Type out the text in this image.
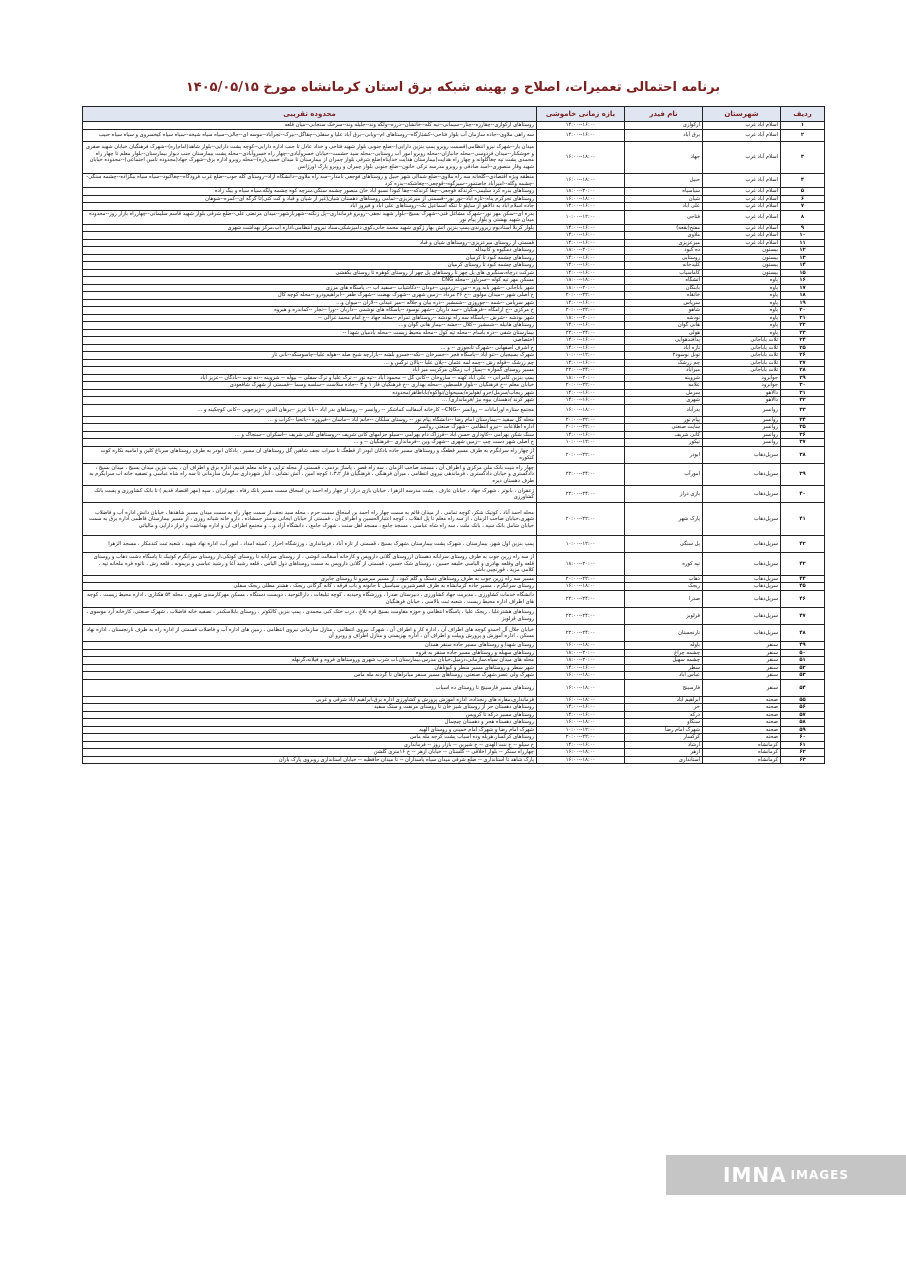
برنامه احتمالی تعمیرات، اصلاح و بهینه شبکه برق استان کرمانشاه مورخ ۱۴۰۵/۰۵/۱۵
ردیف	شهرستان	نام فیدر	بازه زمانی خاموشی	محدوده تقریبی
۱	اسلام آباد غرب	ارکوازی	۱۴:۰۰--۱۶:۰۰	روستاهای ارکوازی--چقارزه--چنار--سیمانی--نیه کله--خانشان--درزه--ولگه وند--جلیله وند--سرخک سنجابی--میان قلعه
۲	اسلام آباد غرب	برق آباد	۱۴:۰۰--۱۶:۰۰	سه راهی ملاوی--جاده سازمان آب بلوار فتاحی--کشتارگاه--روستاهای ام--ویانی--برق آباد علیا و سفلی--چقاگل--بیرک--تجرآباد--موسه ای--جالی--سیاه سیاه شیخه--سیاه سیاه کیخسروی و سیاه سیاه حبیب
۳	اسلام آباد غرب	جهاد	۱۶:۰۰--۱۸:۰۰	میدان یار--شهرک نیرو انتظامی(قسمت روبرو پمپ بنزین دارایی)--ضلع جنوبی بلوار شهید فتاحی و خداد عادل تا جنب اداره دارایی--کوچه پشت دارایی--بلوار شاهد(امام(ره)--شهرک فرهنگیان خیابان شهید صفری و خوشکنار--میدان فردوسی--محله جانبازان--محله روبرو امور آب روستایی--محله سید حشمت--خیابان خسروآبادی--چهار راه خسروآبادی--محله پشت بیمارستان جنب دیوار بیمارستان--بلوار معلم تا چهار راه محمدی پشت تپه چغاگلوانه و چهار راه هدایت(بیمارستان هدایت خداپناه)ضلع شرقی بلوار چمران از بیمارستان تا میدان خمینی(ره)--محله روبرو اداره برق--شهرک جهاد(محدوده تامین اجتماعی)--محدوده خیابان شهید وقار منصوری--اسد صادقی و روبرو مدرسه ترکی خاتون--ضلع جنوبی بلوار چمران و روبرو پارک اورژانس
۴	اسلام آباد غرب	حبیل	۱۶:۰۰--۱۸:۰۰	منطقه ویژه اقتصادی--گلخانه سه راه ملاوی--ضلع شمالی شهر حبیل و روستاهای فوجعی نامدار--سه راه ملاوی--دانشگاه آزاد--روستای کله جوب--ضلع غرب فرودگاه--چغاکبود--سیاه سیاه بیگزاده--چشمه سنگی--چشمه وگله--امیرآباد خاصتمور--سیرگوه--قوچعی--چغاشکه--بدره کرد
۵	اسلام آباد غرب	سیاسیاه	۱۸:۰۰--۲۰:۰۰	روستاهای بدره کرد سلیمی--کرندکه فوجعی--چقا کرندکه--چقا کبودا نسبو آباد خان منصور چشمه سنگی،سرچه کوه چشمه ولگه،سیاه سیاه و بیگ زاده
۶	اسلام آباد غرب	شیان	۱۶:۰۰--۱۸:۰۰	روستاهای تجرکرم پناه--تازه اباد--نور نور--قسمتی از میرعزیزی--تمامی روستاهای دهستان شیان(غیر از شیان و قباد و کت کتی)تا گرگه ای--کمره--شوهان
۷	اسلام آباد غرب	علی آباد	۱۴:۰۰--۱۶:۰۰	جاده اسلام اباد به دالاهو از سایلو تا تنگه اسماعیل بک--روستاهای علی اباد و فیروز اباد
۸	اسلام آباد غرب	فتاحی	۱۰:۰۰--۱۲:۰۰	بدره ای--سکن مهر نور--شهرک مشاغل فنی--شهرک بسیج--بلوار شهید نجفی--روبرو فرمانداری--پل زنگنه--شهربازشهر--میدان مرتضی علی--ضلع شرقی بلوار شهید قاسم سلیمانی--چهارراه بازار روز--محدوده میدان شهید بهشتی و بلوار پیام نور
۹	اسلام آباد غرب	مفتح(بقعه)	۱۴:۰۰--۱۶:۰۰	بلوار کربلا استادیوم زیرورندی،پمپ بنزین آتش بهار ژکوی شهید محمد خانی،کوی دامپزشکی،ستاد نیروی انتظامی،اداره آب،مرکز بهداشت شهری
۱۰	اسلام آباد غرب	ملاوی	۱۴:۰۰--۱۶:۰۰	
۱۱	اسلام آباد غرب	میرعزیزی	۱۴:۰۰--۱۶:۰۰	قسمتی از روستای میرعزیزی--روستاهای شیان و قباد
۱۲	بیستون	ده کبود	۱۸:۰۰--۲۰:۰۰	روستاهای دمگیوه و کانیداله
۱۳	بیستون	روستایی	۱۴:۰۰--۱۶:۰۰	روستاهای چشمه کبود تا کرمیان
۱۴	بیستون	کلیدخانه	۱۴:۰۰--۱۶:۰۰	روستاهای چشمه کبود تا روستای کرمیان
۱۵	بیستون	کاماسیاب	۱۴:۰۰--۱۶:۰۰	شرکت درچاه،سنگبری های پل چهر تا روستاهای پل چهر از روستای کوهره تا روستای بکفشی
۱۶	پاوه	آتشگاه	۱۸:۰۰--۱۸:۰۰	مسکن مهر تپه کوله --سرباوز --محله CNG
۱۷	پاوه	بابنگان	۱۸:۰۰--۲۰:۰۰	شهر باباجانی --شهر بابه وره --نین --زردویی --دودان --دکاشیاب --سفید اب --، پاسگاه های مرزی
۱۸	پاوه	خاتقاه	۲۰:۰۰--۲۲:۰۰	خ اصلی شهر --میدان مولوی --خ ۲۶ مرداد --زمین شهری --شهرک نهضت --شهرک ظفر --ابراهیم‌ودرو --محله کوچه کال
۱۹	پاوه	سرپاس	۱۴:۰۰--۱۶:۰۰	شهر سرپاس --شمه --جوروزی --شمشیر --دره بیان و جلاله --میر عبدلی --لاران --میوان و...
۲۰	پاوه	شاهو	۲۰:۰۰--۲۲:۰۰	خ مرکزی --خ آرامگاه --فرهنگیان --سد داریان --شهر نوسود --پاسگاه های نوشمی --داریان --ورا --نجار --کماندره و هیروه
۲۱	پاوه	نودشه	۱۸:۰۰--۲۰:۰۰	شهر نودشه --شرش --پاسگاه سه راه نودشه --روستاهای تمرام --محله جهاد --خ امام محمد غزالی --
۲۲	پاوه	هانی گوان	۱۴:۰۰--۱۶:۰۰	روستاهای هانیله --شمشیر --کلال --جشه --بیماز هانی گوان و...
۲۳	پاوه	هولی	۲۲:۰۰--۲۴:۰۰	بیمارستان شفی --دره باسام --محله تپه کول --محله محیط زیست --محله بادمیان شهدا --
۲۴	ثلاث باباجانی	پدافندهوایی	۱۴:۰۰--۱۶:۰۰	اختصاصی
۲۵	ثلاث باباجانی	تازه آباد	۱۴:۰۰--۱۶:۰۰	خ اشرف اصفهانی --شهرک ثابجوزی -- و ...
۲۶	ثلاث باباجانی	تونل نوسود۲	۱۰:۰۰--۱۲:۰۰	شهرک بسیجیان --تنو اباد --پاسگاه فجر --خسرخان --نکه--خسرو بلشه --بازارچه شیخ صله --هوله علیا--چاسوسگه--بانی تار
۲۷	ثلاث باباجانی	چم زرشک	۱۴:۰۰--۱۶:۰۰	چم زرشک --قوله رش --چمه لمه عثمان --پلان علیا --پالان نرگس و ...
۲۸	ثلاث باباجانی	میرآباد	۲۲:۰۰--۲۴:۰۰	مسیر روستای گمواره --پمپاژ آب زمکان مرکزیت میر آباد
۲۹	جوانرود	شروینه	۱۸:۰۰--۲۰:۰۰	پمپ بنزین کامرانی -- علی اباد کهنه -- سازوخان --کانی گل -- محمود اباد --تپه نور -- ترک علیا و ترک سفلی -- بیوله -- شروینه --ده توت --بادگان --عزیز اباد
۳۰	جوانرود	علامه	۲۰:۰۰--۲۲:۰۰	خیابان معلم --خ فرهنگیان --بلوار فلسطین --محله بهداری --خ فرهنگیان فاز ۱ و ۳ --جاده سلاست --سلسه وسما --قسمتی از شهرک شافعودی
۳۱	دالاهو	سرمل	۱۴:۰۰--۱۶:۰۰	شهر ریجاب/سرمل/حرو /هولیزه/بسیحوان/نواکوه/بابا‌طاهر/محدوده
۳۲	دالاهو	شهری	۱۴:۰۰--۱۶:۰۰	شهر کرند /دهستان بیوه نیژ /فرمانداری/ ...
۳۳	روانسر	بدرآباد	۱۶:۰۰--۱۸:۰۰	مجتمع ستاره اورامانات -- روانسر --CNG-- کارخانه آسفالت کماشکر -- روانسر -- روستاهای بدر اباد --بابا عزیز --برهان الدین --زیرجوبی --کانی کوچکینه و ...
۳۴	روانسر	پیام نور	۲۰:۰۰--۲۲:۰۰	محله گل سفید --بیمارستان امام رضا --دانشگاه پیام نور -- روستای سلکان --خانم آباد --ماسان --فیروزه --باتخیا --کراب و ...
۳۵	روانسر	سایت صنعتی	۲۰:۰۰--۲۲:۰۰	اداره اطلاعات --نیرو انتظامی --شهرک صنعتی روانسر
۳۶	روانسر	کانی شریف	۱۴:۰۰--۱۶:۰۰	سنگ شکن بهرامی --کاوداری حسن اباد --فرزاک دام بهرامی --سیلو جزامهای کانی شریف --روستاهای کانی شریف --آسکران --سنجاک و ...
۳۷	روانسر	نیکور	۱۰:۰۰--۱۲:۰۰	خ اصلی شهر دست چپ --زمین شهری --شهرک وین --فرمانداری --فرهنگیان -- و ...
۳۸	سرپل‌ذهاب	ابوذر	۲۰:۰۰--۲۲:۰۰	از چهار راه سرابگرم به طرف مسیر قطعگ و روستاهای مسیر جاده بادکان ابوذر از قطعگ تا سراب نجف شاهین گل روستاهای ان مسیر ، بادکان ابوذر به طرف روستاهای سرباغ کلین و امامیه تکاره کوت کنکوره
۳۹	سرپل‌ذهاب	امورآب	۲۲:۰۰--۲۴:۰۰	چهار راه بنیت بانک ملی مرکزی و اطراف آن ، مسجد صاحب الزمان ، سه راه قصر ، پاساژ بردمی ، قسمتی از محله تراپی و خانه معلم قدیم، اداره برق و اطراف آن ، پمپ بنزین میدان بسیج ، میدان بسیج ، دادگستری و خیابان دادگستری ، فرماندهی نیروی انتظامی ، میران فرهنگی ، فرهنگیان فاز ۱،۳،۲ کوچه امین ، آتش نشانی ، انبار شهرداری سازمان سازمانی تا سه راه شاه عباسی و تصفیه خانه اب سرابگرم به طرف دهستان دیره
۴۰	سرپل‌ذهاب	بازی دراز	۲۲:۰۰--۲۴:۰۰	زعفران ، بابوتر ، شهرک جهاد ، خیابان عارف ، پشت مدرسه الزهرا ، خیابان بازی دراز، از چهار راه احمد بن اسحاق سمت مسیر بانک رفاه ، مهرایران ، سپه (مهر اقتصاد قدیم ) تا بانک کشاورزی و پست بانک کشاورزی
۴۱	سرپل‌ذهاب	پارک شهر	۲۰:۰۰--۲۲:۰۰	محله احمد آباد ، کوتیک شکر، کوچه تمامی ، از میدان قائم به سمت چهار راه احمد بن اسحاق سمت حرم ، محله سید نجف،از سمت چهار راه به سمت میدان مسیر شاهدها ، خیابان دانش اداره آب و فاضلاب شهری،خیابان صاحب الزمان ، از سه راه معلم تا پل انقلاب ، کوچه اعتبارالحسین و اطراف آن ، قسمتی از خیابان ایخانی بوستر جمشاده ، دارو خانه شبانه روزی ، از مسیر بیمارستان فاطمی اداره برق به سمت خیابان شامل بانک سپه ، بانک ملت ، سه راه شاه عباسی ، مسجد جامع ، مسجد اهل سنت ، شهرک جامع، ، دانشگاه آزاد و... و مجتمع اطراف آن و اداره بهداشت و ابراز دارایی و مالیاتی
۴۲	سرپل‌ذهاب	پل سنگی	۱۰:۰۰--۱۲:۰۰	پمپ بنزین اول شهر، بیمارستان ، شهرک پشت بیمارستان ،شهرک بسیج ، قسمتی از تازه آباد ، فرمانداری ، ورزشگاه احرار ، کمیته امداد ، امور آب، اداره نهاد شهید ، شعبه ثبت کندمکار ، مسجد الزهرا
۴۳	سرپل‌ذهاب	تپه کوره	۱۸:۰۰--۲۰:۰۰	از سه راه زرین جوب به طرف روستای سرابانه دهستان ازروستای گلانی داروپس و کارخانه آسفالت انوشی ، از روستای سرابانه تا روستای کونکی،از روستای سرابگرم کوتیک تا پاسگاه دشت ذهاب و روستای قلعه وای وقلعه بهادری و الیاسی خلیفه حسین ، روستای شک حسین ، قسمتی از گلانی داروپس به سمت روستاهای دول الیاس ، قلعه رشید آغا و رشید عباسی و بریمونه ، قلعه رش ، ناتوه قره ملخانه تپه ، کلامی مزید ، قورنچیی باشی
۴۴	سرپل‌ذهاب	ذهاب	۲۰:۰۰--۲۲:۰۰	مسیر سه راه زرین جوب به طرف روستاهای دستگ و گلم کبود ، از مسیر میرمیرو تا روستای جابری
۴۵	سرپل‌ذهاب	ریجک	۱۶:۰۰--۱۸:۰۰	روستای سرابگرم ، مسیر جاده کرمانشاه به طرف قصرشیرین سیاسیل تا حانونه و باب فرقه ، کانه گرگانی ریجک ، هشتر مطلی ریجک سفلی
۴۶	سرپل‌ذهاب	صدرا	۲۲:۰۰--۲۴:۰۰	دانشگاه خدمات کشاورزی ، مدیریت جهاد کشاورزی ، دبیرستان صدرا ، ورزشگاه وحیدیه ، کوچه تبلیغات ، دارالتوحید ، دویست دستگاه ، مسکن مهرکارمندی شهری ، محله ۵۴ هکتاری ، اداره محیط زیست ، کوچه های اطراف اداره محیط زیست ، شعبه ثبت بالاسی ، خیابان فرهنگیان
۴۷	سرپل‌ذهاب	قرلوبز	۲۲:۰۰--۲۴:۰۰	روستاهای هشترعلیا ، ریجک علیا ، پاسگاه انتظامی و حوزه مقاومت بسیج قره بلاغ ، درب ختک کنی محمدی ، پمپ بنزین کالکوتر ، روستای بابلاسکندر ، تصفیه خانه فاضلاب ، شهرک صنعتی، کارخانه آرد موسوی ، روستای قرلوبز
۴۸	سرپل‌ذهاب	نارنجستان	۲۲:۰۰--۲۴:۰۰	خیابان جلال آل احمدو کوچه های اطراف آن ، اداره کار و اطراف آن ، شهرک نیروی انتظامی ، منازل سازمانی نیروی انتظامی ، زمین های اداره آب و فاضلاب قسمتی از اداره راه به طرف نارنجستان ، اداره نهاد مسکن ، اداره آموزش و پرورش وییلت و اطراف آن ، اداره بهزیستی و منازل اطراف و روبرو آن
۴۹	سنقر	باوله	۱۶:۰۰--۱۸:۰۰	روستای شهدا و روستاهای مسیر جاده سنقر همدان
۵۰	سنقر	چشمه چراغ	۱۸:۰۰--۲۰:۰۰	روستاهای سهیله و روستاهای مسیر جاده سنقر به قروه
۵۱	سنقر	چشمه سهیل	۱۸:۰۰--۲۰:۰۰	محله های میدان سپاه،سازمانی،درمیل،خیابان مدرس،بیمارستان،آب شرب شهری وروستاهای فروه و فیلانه،گرنهله
۵۲	سنقر	سطر	۱۴:۰۰--۱۶:۰۰	شهر سطر و روستاهای مسیر سطر و کیوتاهان
۵۳	سنقر	عباس آباد	۱۶:۰۰--۱۸:۰۰	شهرک ولی عصر،شهرک صنعتی، روستاهای مسیر سنقر میانراهان تا گردنه ملّه ماس
۵۴	سنقر	فارسینج	۱۶:۰۰--۱۸:۰۰	روستاهای مسیر فارسینج تا روستای ده اسیاب
۵۵	صحنه	ابراهیم آباد	۱۶:۰۰--۱۸:۰۰	فرمانداری،مقاره های زنجداده، اداره اموزش پرورش و کشاورزی اداره برق،ابراهیم اباد شرقی و غربی
۵۶	صحنه	حر	۱۴:۰۰--۱۶:۰۰	روستاهای دهستان حر از روستای شیر خان تا روستای مرتفت و سنگ سفید
۵۷	صحنه	درکه	۱۴:۰۰--۱۶:۰۰	روستاهای مسیر درکه تا کرویس
۵۸	صحنه	سنگاو	۱۶:۰۰--۱۸:۰۰	روستاهای دهستاه هجر و دهستان چیچمال
۵۹	صحنه	شهرک امام رضا	۱۰:۰۰--۱۲:۰۰	شهرک امام رضا و شهرک امام خمینی و روستای الهیه
۶۰	صحنه	کرکسار	۲۰:۰۰--۲۲:۰۰	روستاهای کرکسار،هریله وده اسیاب پشت کرجه مله ماس
۶۱	کرمانشاه	ارشاد	۱۴:۰۰--۱۶:۰۰	خ سیلو -- خ بنت الهدی -- خ شیرین -- بازار روز -- فرمانداری
۶۲	کرمانشاه	ازهر	۱۶:۰۰--۱۸:۰۰	چهارراه سنگر -- بلوار اخلاقی -- گلستان -- خیابان ازهر -- خ ۱۶متری گلشن
۶۳	کرمانشاه	استانداری	۱۶:۰۰--۱۸:۰۰	پارک شاهد تا استانداری -- ضلع شرقی میدان سپاه پاسداران -- تا میدان حافظیه -- خیابان استانداری روبروی پارک باران
IMNA IMAGES
